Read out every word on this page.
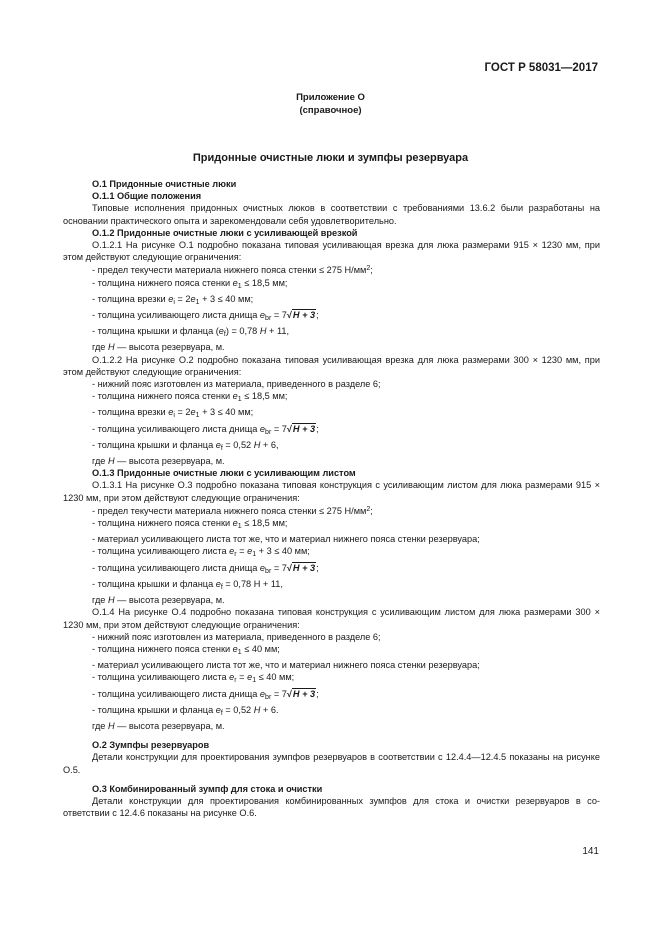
ГОСТ Р 58031—2017
Приложение О
(справочное)
Придонные очистные люки и зумпфы резервуара
О.1 Придонные очистные люки
О.1.1 Общие положения
Типовые исполнения придонных очистных люков в соответствии с требованиями 13.6.2 были разработаны на основании практического опыта и зарекомендовали себя удовлетворительно.
О.1.2 Придонные очистные люки с усиливающей врезкой
О.1.2.1 На рисунке О.1 подробно показана типовая усиливающая врезка для люка размерами 915 × 1230 мм, при этом действуют следующие ограничения:
- предел текучести материала нижнего пояса стенки ≤ 275 $Н/мм^2$;
- толщина нижнего пояса стенки $e_1 \le 18,5$ мм;
- толщина врезки $e_i = 2e_1 + 3 \le 40$ мм;
- толщина усиливающего листа днища $e_{br} = 7√H + 3$;
- толщина крышки и фланца $(e_f) = 0,78$ H + 11,
где H — высота резервуара, м.
О.1.2.2 На рисунке О.2 подробно показана типовая усиливающая врезка для люка размерами 300 × 1230 мм, при этом действуют следующие ограничения:
- нижний пояс изготовлен из материала, приведенного в разделе 6;
- толщина нижнего пояса стенки $e_1 \le 18,5$ мм;
- толщина врезки $e_i = 2e_1 + 3 \le 40$ мм;
- толщина усиливающего листа днища $e_{br} = 7√H + 3$;
- толщина крышки и фланца $e_f = 0,52$ H + 6,
где H — высота резервуара, м.
О.1.3 Придонные очистные люки с усиливающим листом
О.1.3.1 На рисунке О.3 подробно показана типовая конструкция с усиливающим листом для люка размерами 915 × 1230 мм, при этом действуют следующие ограничения:
- предел текучести материала нижнего пояса стенки ≤ 275 $Н/мм^2$;
- толщина нижнего пояса стенки $e_1 \le 18,5$ мм;
- материал усиливающего листа тот же, что и материал нижнего пояса стенки резервуара;
- толщина усиливающего листа $e_r = e_1 + 3 \le 40$ мм;
- толщина усиливающего листа днища $e_{br} = 7√H + 3$;
- толщина крышки и фланца $e_f = 0,78$ H + 11,
где H — высота резервуара, м.
О.1.4 На рисунке О.4 подробно показана типовая конструкция с усиливающим листом для люка размерами 300 × 1230 мм, при этом действуют следующие ограничения:
- нижний пояс изготовлен из материала, приведенного в разделе 6;
- толщина нижнего пояса стенки $e_1 \le 40$ мм;
- материал усиливающего листа тот же, что и материал нижнего пояса стенки резервуара;
- толщина усиливающего листа $e_r = e_1 \le 40$ мм;
- толщина усиливающего листа днища $e_{br} = 7√H + 3$;
- толщина крышки и фланца $e_f = 0,52$ H + 6.
где H — высота резервуара, м.
О.2 Зумпфы резервуаров
Детали конструкции для проектирования зумпфов резервуаров в соответствии с 12.4.4—12.4.5 показаны на рисунке О.5.
О.3 Комбинированный зумпф для стока и очистки
Детали конструкции для проектирования комбинированных зумпфов для стока и очистки резервуаров в со-ответствии с 12.4.6 показаны на рисунке О.6.
141
